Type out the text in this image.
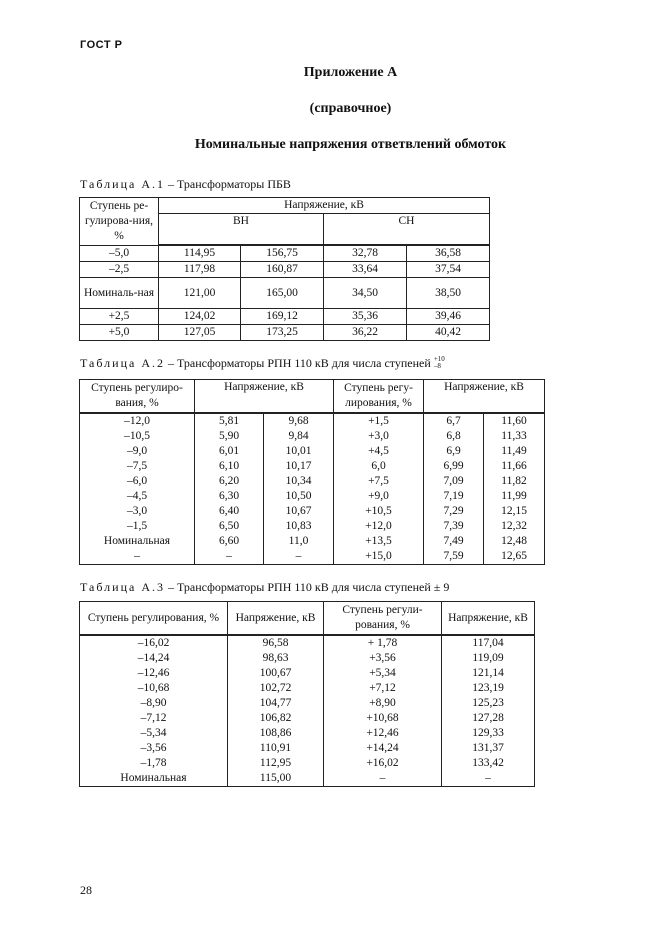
ГОСТ Р
Приложение А
(справочное)
Номинальные напряжения ответвлений обмоток
Таблица А.1 – Трансформаторы ПБВ
Ступень ре-гулирова-ния, %	Напряжение, кВ			
	ВН		СН	
–5,0	114,95	156,75	32,78	36,58
–2,5	117,98	160,87	33,64	37,54
Номиналь-ная	121,00	165,00	34,50	38,50
+2,5	124,02	169,12	35,36	39,46
+5,0	127,05	173,25	36,22	40,42
Таблица А.2 – Трансформаторы РПН 110 кВ для числа ступеней $^{+10 -8}$
Ступень регулиро-вания, %	Напряжение, кВ		Ступень регу-лирования, %	Напряжение, кВ	
–12,0	5,81	9,68	+1,5	6,7	11,60
–10,5	5,90	9,84	+3,0	6,8	11,33
–9,0	6,01	10,01	+4,5	6,9	11,49
–7,5	6,10	10,17	6,0	6,99	11,66
–6,0	6,20	10,34	+7,5	7,09	11,82
–4,5	6,30	10,50	+9,0	7,19	11,99
–3,0	6,40	10,67	+10,5	7,29	12,15
–1,5	6,50	10,83	+12,0	7,39	12,32
Номинальная	6,60	11,0	+13,5	7,49	12,48
–	–	–	+15,0	7,59	12,65
Таблица А.3 – Трансформаторы РПН 110 кВ для числа ступеней ± 9
Ступень регулирования, %	Напряжение, кВ	Ступень регули-рования, %	Напряжение, кВ
–16,02	96,58	+ 1,78	117,04
–14,24	98,63	+3,56	119,09
–12,46	100,67	+5,34	121,14
–10,68	102,72	+7,12	123,19
–8,90	104,77	+8,90	125,23
–7,12	106,82	+10,68	127,28
–5,34	108,86	+12,46	129,33
–3,56	110,91	+14,24	131,37
–1,78	112,95	+16,02	133,42
Номинальная	115,00	–	–
28
